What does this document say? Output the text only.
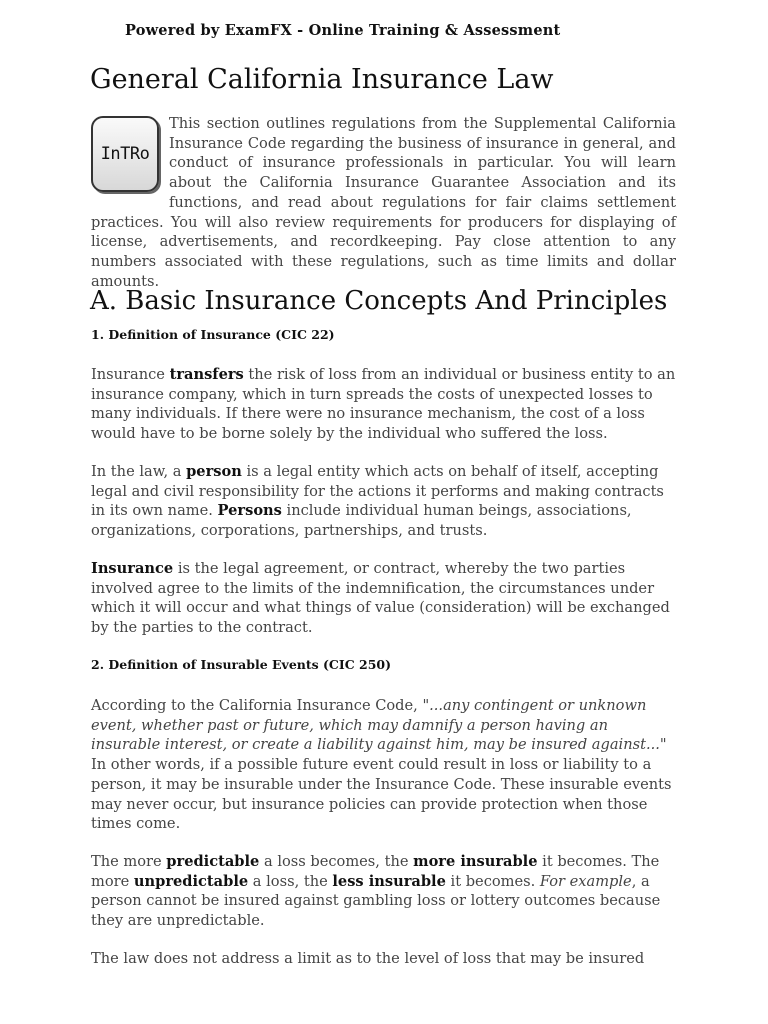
Powered by ExamFX - Online Training & Assessment
General California Insurance Law
InTRo

This section outlines regulations from the Supplemental California Insurance Code regarding the business of insurance in general, and conduct of insurance professionals in particular. You will learn about the California Insurance Guarantee Association and its functions, and read about regulations for fair claims settlement practices. You will also review requirements for producers for displaying of license, advertisements, and recordkeeping. Pay close attention to any numbers associated with these regulations, such as time limits and dollar amounts.

A. Basic Insurance Concepts And Principles

1. Definition of Insurance (CIC 22)

Insurance transfers the risk of loss from an individual or business entity to an insurance company, which in turn spreads the costs of unexpected losses to many individuals. If there were no insurance mechanism, the cost of a loss would have to be borne solely by the individual who suffered the loss.

In the law, a person is a legal entity which acts on behalf of itself, accepting legal and civil responsibility for the actions it performs and making contracts in its own name. Persons include individual human beings, associations, organizations, corporations, partnerships, and trusts.

Insurance is the legal agreement, or contract, whereby the two parties involved agree to the limits of the indemnification, the circumstances under which it will occur and what things of value (consideration) will be exchanged by the parties to the contract.

2. Definition of Insurable Events (CIC 250)

According to the California Insurance Code, "...any contingent or unknown event, whether past or future, which may damnify a person having an insurable interest, or create a liability against him, may be insured against..." In other words, if a possible future event could result in loss or liability to a person, it may be insurable under the Insurance Code. These insurable events may never occur, but insurance policies can provide protection when those times come.

The more predictable a loss becomes, the more insurable it becomes. The more unpredictable a loss, the less insurable it becomes. For example, a person cannot be insured against gambling loss or lottery outcomes because they are unpredictable.

The law does not address a limit as to the level of loss that may be insured
